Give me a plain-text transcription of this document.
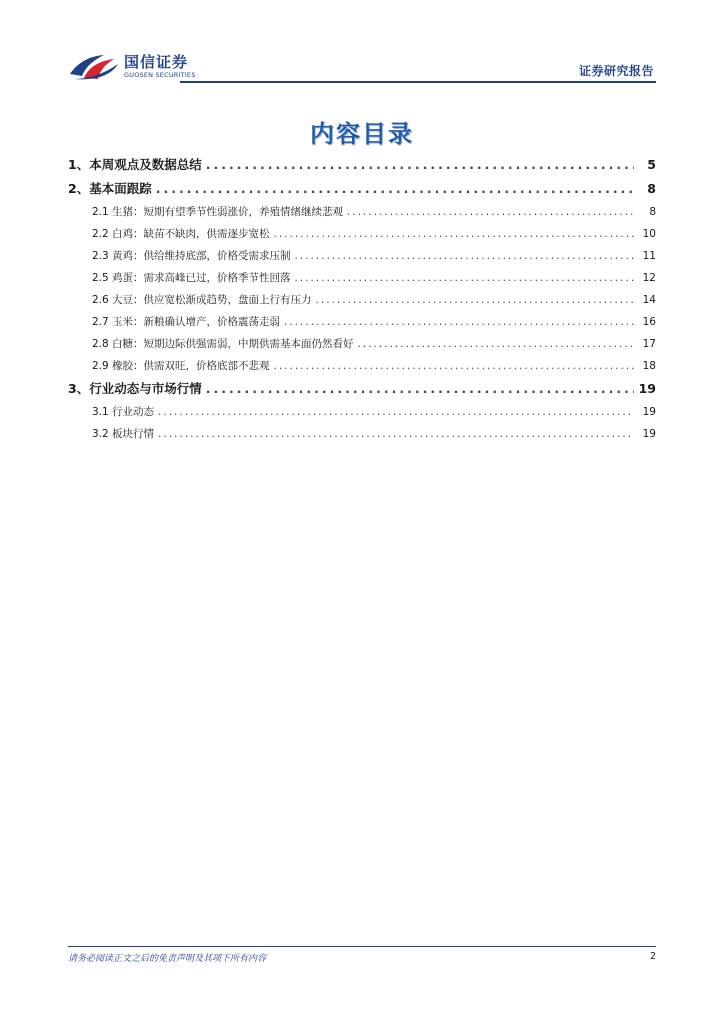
国信证券
GUOSEN SECURITIES	证券研究报告
内容目录
1、本周观点及数据总结 .....	5
2、基本面跟踪 .....	8
2.1 生猪：短期有望季节性弱涨价，养殖情绪继续悲观 .....	8
2.2 白鸡：缺苗不缺肉，供需逐步宽松 .....	10
2.3 黄鸡：供给维持底部，价格受需求压制 .....	11
2.5 鸡蛋：需求高峰已过，价格季节性回落 .....	12
2.6 大豆：供应宽松渐成趋势，盘面上行有压力 .....	14
2.7 玉米：新粮确认增产，价格震荡走弱 .....	16
2.8 白糖：短期边际供强需弱，中期供需基本面仍然看好 .....	17
2.9 橡胶：供需双旺，价格底部不悲观 .....	18
3、行业动态与市场行情 .....	19
3.1 行业动态 .....	19
3.2 板块行情 .....	19
请务必阅读正文之后的免责声明及其项下所有内容	2
